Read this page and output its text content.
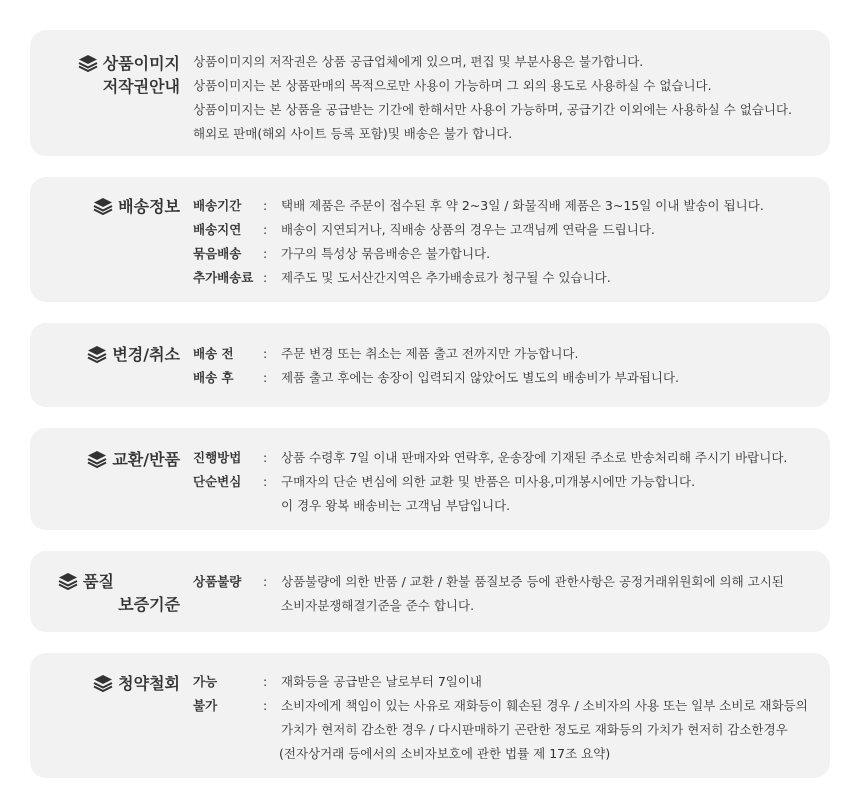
상품이미지
저작권안내
상품이미지의 저작권은 상품 공급업체에게 있으며, 편집 및 부분사용은 불가합니다.
상품이미지는 본 상품판매의 목적으로만 사용이 가능하며 그 외의 용도로 사용하실 수 없습니다.
상품이미지는 본 상품을 공급받는 기간에 한해서만 사용이 가능하며, 공급기간 이외에는 사용하실 수 없습니다.
해외로 판매(해외 사이트 등록 포함)및 배송은 불가 합니다.
배송정보 배송기간 : 택배 제품은 주문이 접수된 후 약 2~3일 / 화물직배 제품은 3~15일 이내 발송이 됩니다.
배송지연 : 배송이 지연되거나, 직배송 상품의 경우는 고객님께 연락을 드립니다.
묶음배송 : 가구의 특성상 묶음배송은 불가합니다.
추가배송료 : 제주도 및 도서산간지역은 추가배송료가 청구될 수 있습니다.
변경/취소 배송 전 : 주문 변경 또는 취소는 제품 출고 전까지만 가능합니다.
배송 후 : 제품 출고 후에는 송장이 입력되지 않았어도 별도의 배송비가 부과됩니다.
교환/반품 진행방법 : 상품 수령후 7일 이내 판매자와 연락후, 운송장에 기재된 주소로 반송처리해 주시기 바랍니다.
단순변심 : 구매자의 단순 변심에 의한 교환 및 반품은 미사용,미개봉시에만 가능합니다.
이 경우 왕복 배송비는 고객님 부담입니다.
품질
보증기준
상품불량 : 상품불량에 의한 반품 / 교환 / 환불 품질보증 등에 관한사항은 공정거래위원회에 의해 고시된
소비자분쟁해결기준을 준수 합니다.
청약철회 가능	: 재화등을 공급받은 날로부터 7일이내
불가	: 소비자에게 책임이 있는 사유로 재화등이 훼손된 경우 / 소비자의 사용 또는 일부 소비로 재화등의
가치가 현저히 감소한 경우 / 다시판매하기 곤란한 정도로 재화등의 가치가 현저히 감소한경우
(전자상거래 등에서의 소비자보호에 관한 법률 제 17조 요약)
